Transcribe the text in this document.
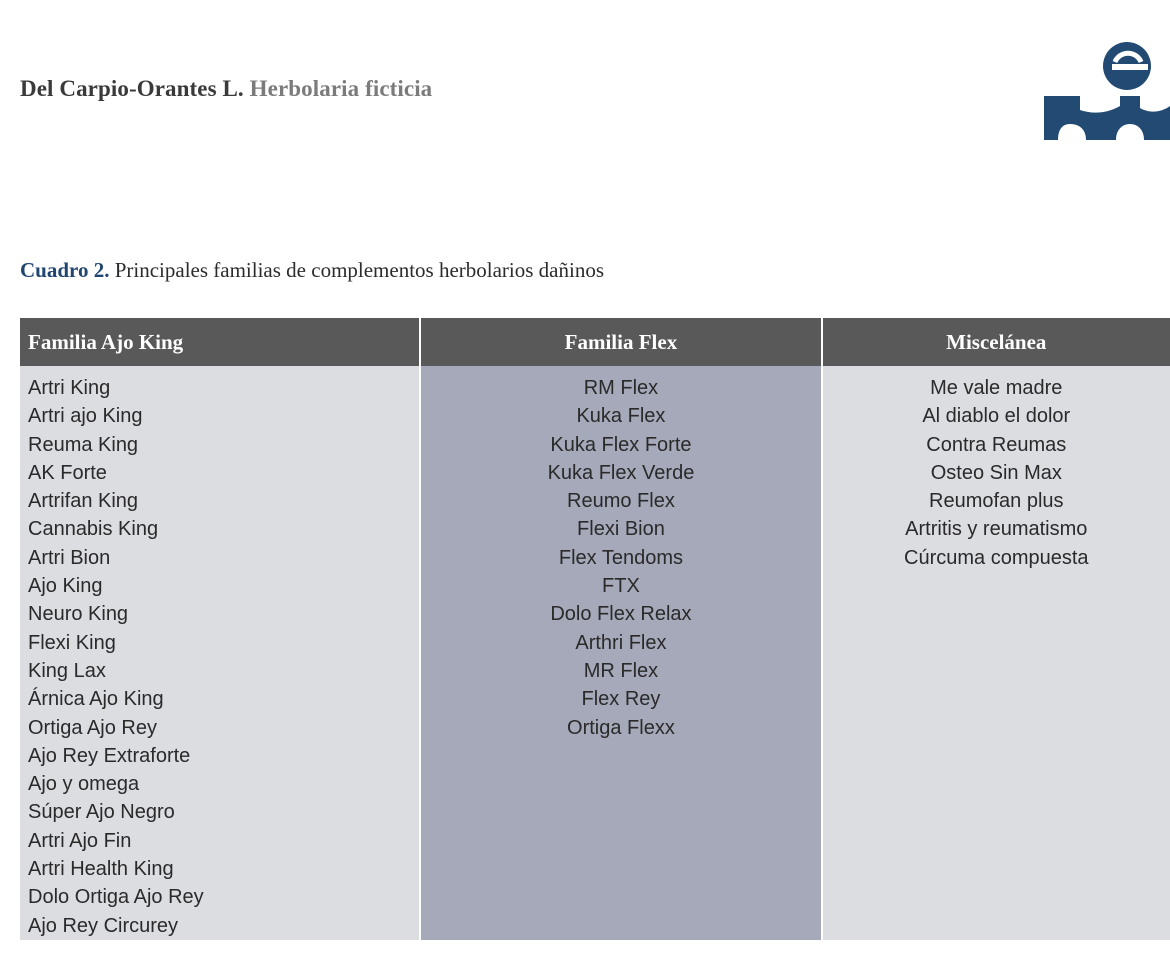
Del Carpio-Orantes L. Herbolaria ficticia
Cuadro 2. Principales familias de complementos herbolarios dañinos
Familia Ajo King
Artri King
Artri ajo King
Reuma King
AK Forte
Artrifan King
Cannabis King
Artri Bion
Ajo King
Neuro King
Flexi King
King Lax
Árnica Ajo King
Ortiga Ajo Rey
Ajo Rey Extraforte
Ajo y omega
Súper Ajo Negro
Artri Ajo Fin
Artri Health King
Dolo Ortiga Ajo Rey
Ajo Rey Circurey
Familia Flex
RM Flex
Kuka Flex
Kuka Flex Forte
Kuka Flex Verde
Reumo Flex
Flexi Bion
Flex Tendoms
FTX
Dolo Flex Relax
Arthri Flex
MR Flex
Flex Rey
Ortiga Flexx
Miscelánea
Me vale madre
Al diablo el dolor
Contra Reumas
Osteo Sin Max
Reumofan plus
Artritis y reumatismo
Cúrcuma compuesta
